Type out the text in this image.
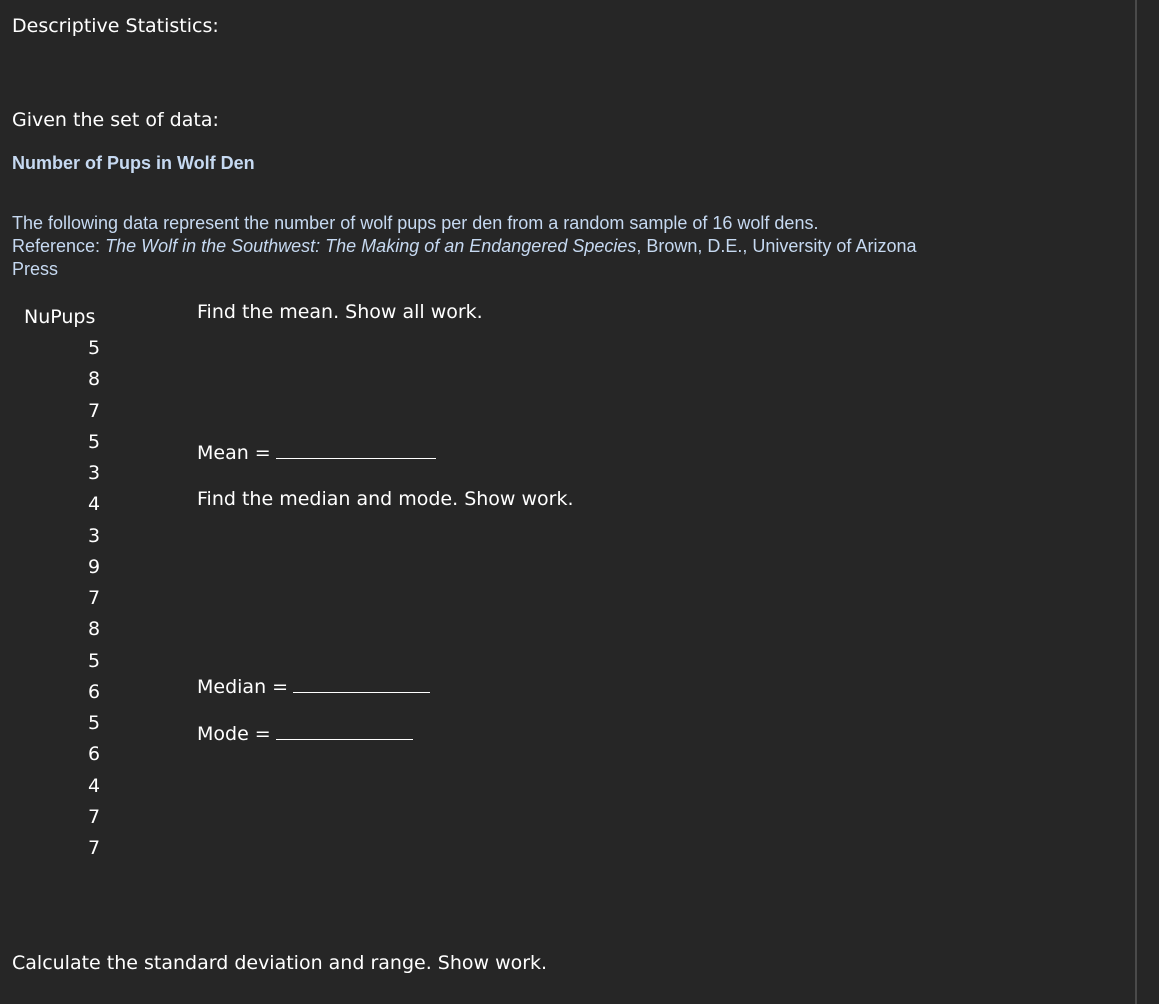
Descriptive Statistics:
Given the set of data:
Number of Pups in Wolf Den
The following data represent the number of wolf pups per den from a random sample of 16 wolf dens.
Reference: The Wolf in the Southwest: The Making of an Endangered Species, Brown, D.E., University of Arizona
Press
NuPups
5
8
7
5
3
4
3
9
7
8
5
6
5
6
4
7
7
Find the mean. Show all work.
Mean =
Find the median and mode. Show work.
Median =
Mode =
Calculate the standard deviation and range. Show work.
